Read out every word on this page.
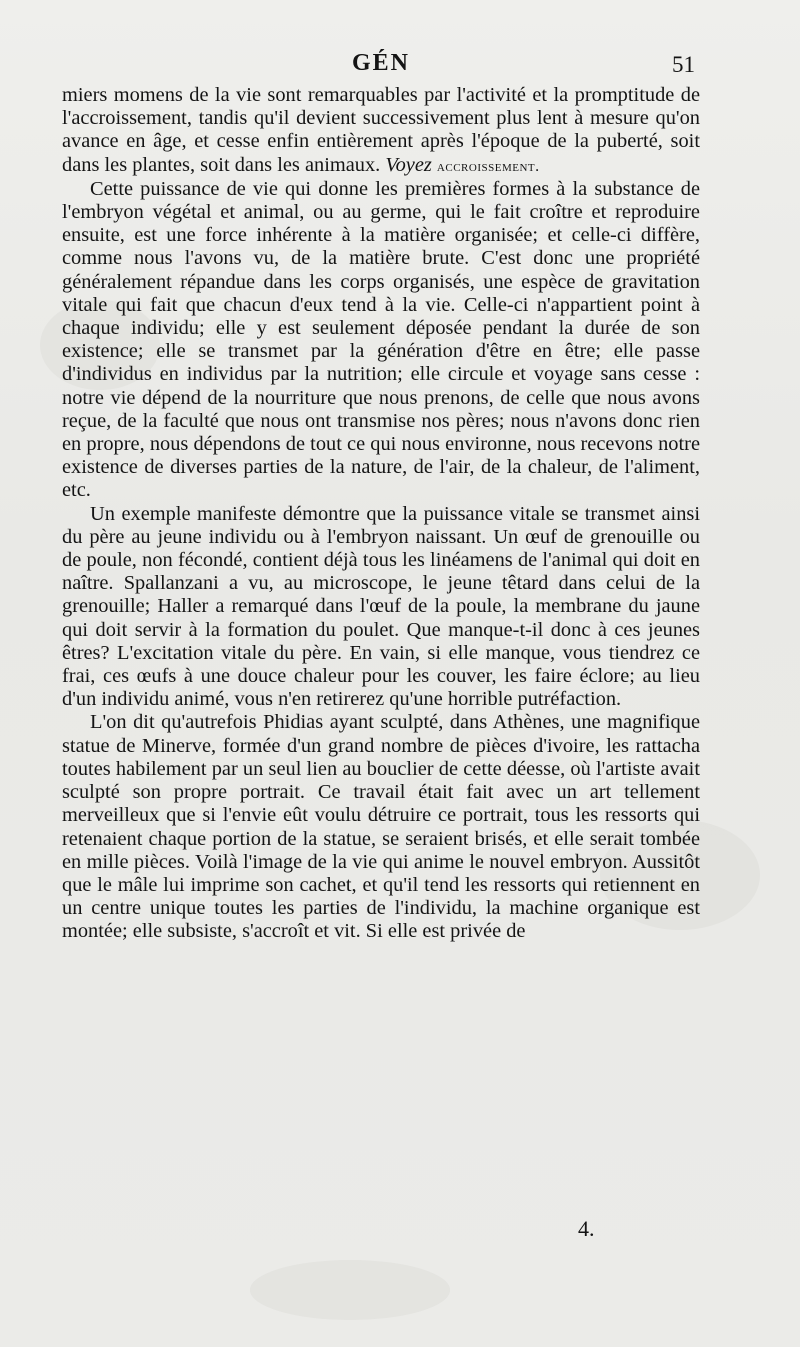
GÉN	51

miers momens de la vie sont remarquables par l'activité et la promptitude de l'accroissement, tandis qu'il devient successivement plus lent à mesure qu'on avance en âge, et cesse enfin entièrement après l'époque de la puberté, soit dans les plantes, soit dans les animaux. Voyez accroissement.

Cette puissance de vie qui donne les premières formes à la substance de l'embryon végétal et animal, ou au germe, qui le fait croître et reproduire ensuite, est une force inhérente à la matière organisée; et celle-ci diffère, comme nous l'avons vu, de la matière brute. C'est donc une propriété généralement répandue dans les corps organisés, une espèce de gravitation vitale qui fait que chacun d'eux tend à la vie. Celle-ci n'appartient point à chaque individu; elle y est seulement déposée pendant la durée de son existence; elle se transmet par la génération d'être en être; elle passe d'individus en individus par la nutrition; elle circule et voyage sans cesse : notre vie dépend de la nourriture que nous prenons, de celle que nous avons reçue, de la faculté que nous ont transmise nos pères; nous n'avons donc rien en propre, nous dépendons de tout ce qui nous environne, nous recevons notre existence de diverses parties de la nature, de l'air, de la chaleur, de l'aliment, etc.

Un exemple manifeste démontre que la puissance vitale se transmet ainsi du père au jeune individu ou à l'embryon naissant. Un œuf de grenouille ou de poule, non fécondé, contient déjà tous les linéamens de l'animal qui doit en naître. Spallanzani a vu, au microscope, le jeune têtard dans celui de la grenouille; Haller a remarqué dans l'œuf de la poule, la membrane du jaune qui doit servir à la formation du poulet. Que manque-t-il donc à ces jeunes êtres? L'excitation vitale du père. En vain, si elle manque, vous tiendrez ce frai, ces œufs à une douce chaleur pour les couver, les faire éclore; au lieu d'un individu animé, vous n'en retirerez qu'une horrible putréfaction.

L'on dit qu'autrefois Phidias ayant sculpté, dans Athènes, une magnifique statue de Minerve, formée d'un grand nombre de pièces d'ivoire, les rattacha toutes habilement par un seul lien au bouclier de cette déesse, où l'artiste avait sculpté son propre portrait. Ce travail était fait avec un art tellement merveilleux que si l'envie eût voulu détruire ce portrait, tous les ressorts qui retenaient chaque portion de la statue, se seraient brisés, et elle serait tombée en mille pièces. Voilà l'image de la vie qui anime le nouvel embryon. Aussitôt que le mâle lui imprime son cachet, et qu'il tend les ressorts qui retiennent en un centre unique toutes les parties de l'individu, la machine organique est montée; elle subsiste, s'accroît et vit. Si elle est privée de

4.
